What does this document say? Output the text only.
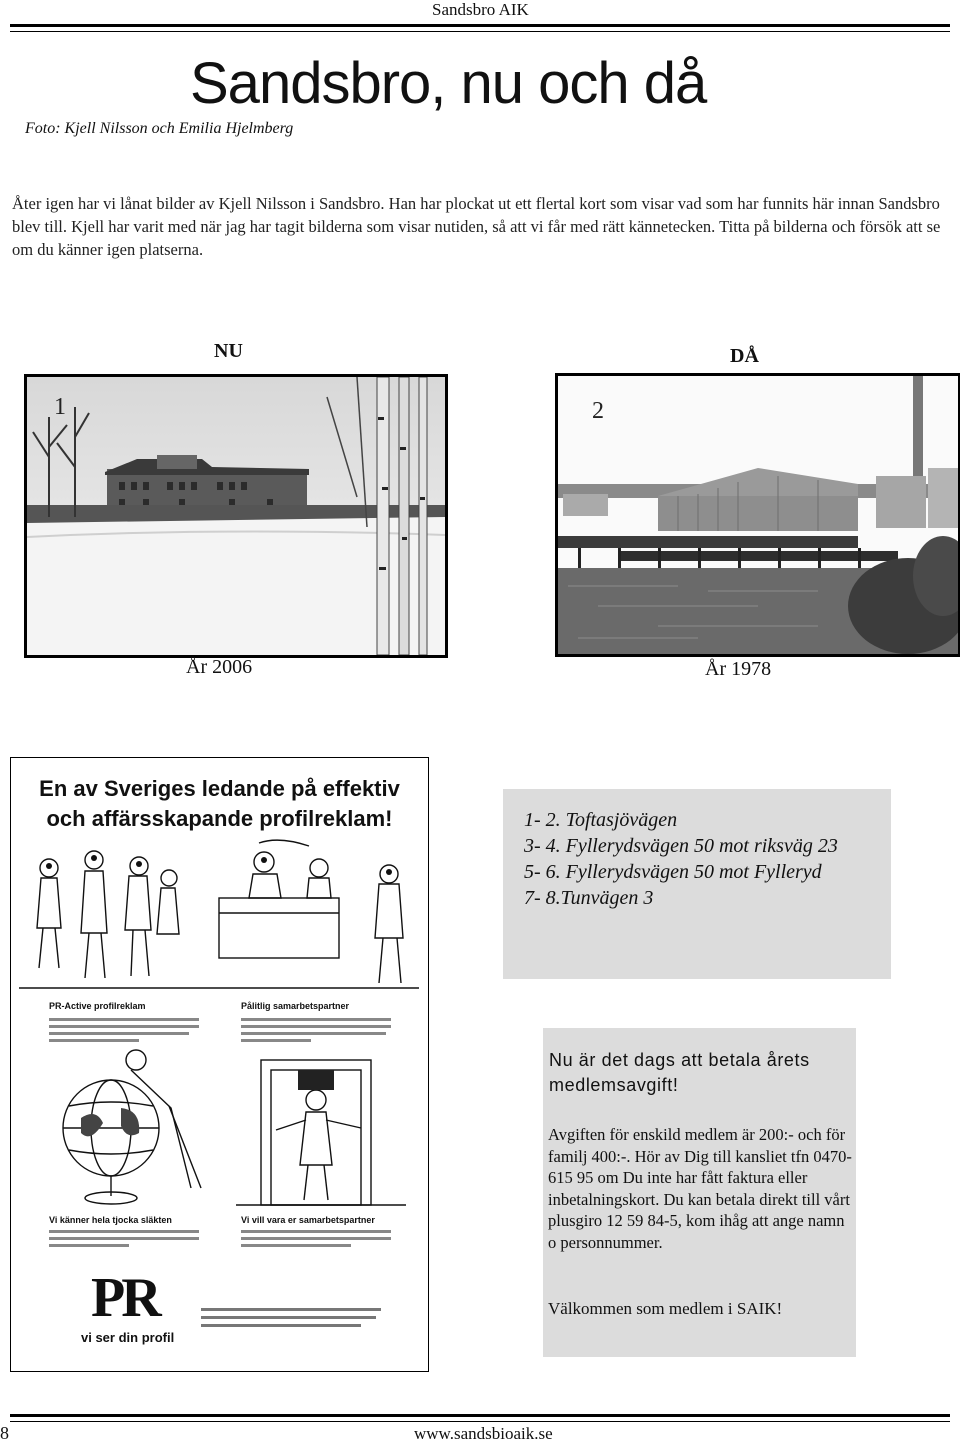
Sandsbro AIK
Sandsbro, nu och då
Foto: Kjell Nilsson och Emilia Hjelmberg
Åter igen har vi lånat bilder av Kjell Nilsson i Sandsbro. Han har plockat ut ett flertal kort som visar vad som har funnits här innan Sandsbro blev till. Kjell har varit med när jag har tagit bilderna som visar nutiden, så att vi får med rätt kännetecken. Titta på bilderna och försök att se om du känner igen platserna.
NU	DÅ
1	2
År 2006	År 1978
En av Sveriges ledande på effektiv
och affärsskapande profilreklam!
PR-Active profilreklam	Pålitlig samarbetspartner
Vi känner hela tjocka släkten	Vi vill vara er samarbetspartner
PR
vi ser din profil
1- 2. Toftasjövägen
3- 4. Fyllerydsvägen 50 mot riksväg 23
5- 6. Fyllerydsvägen 50 mot Fylleryd
7- 8.Tunvägen 3
Nu är det dags att betala årets medlemsavgift!
Avgiften för enskild medlem är 200:- och för familj 400:-. Hör av Dig till kansliet tfn 0470-615 95 om Du inte har fått faktura eller inbetalningskort. Du kan betala direkt till vårt plusgiro 12 59 84-5, kom ihåg att ange namn o personnummer.
Välkommen som medlem i SAIK!
8	www.sandsbioaik.se
